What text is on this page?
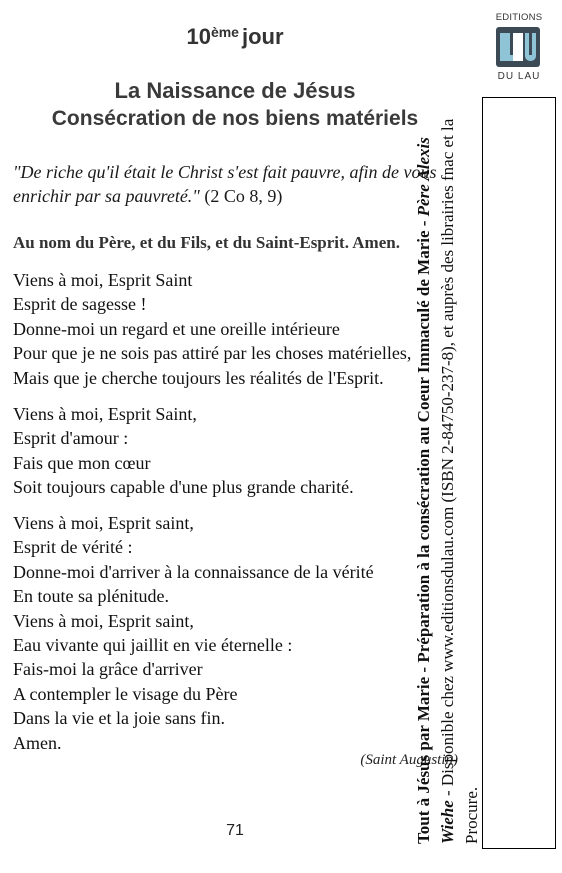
10ème jour
La Naissance de Jésus
Consécration de nos biens matériels
"De riche qu'il était le Christ s'est fait pauvre, afin de vous enrichir par sa pauvreté." (2 Co 8, 9)
Au nom du Père, et du Fils, et du Saint-Esprit. Amen.
Viens à moi, Esprit Saint
Esprit de sagesse !
Donne-moi un regard et une oreille intérieure
Pour que je ne sois pas attiré par les choses matérielles,
Mais que je cherche toujours les réalités de l'Esprit.
Viens à moi, Esprit Saint,
Esprit d'amour :
Fais que mon cœur
Soit toujours capable d'une plus grande charité.
Viens à moi, Esprit saint,
Esprit de vérité :
Donne-moi d'arriver à la connaissance de la vérité
En toute sa plénitude.
Viens à moi, Esprit saint,
Eau vivante qui jaillit en vie éternelle :
Fais-moi la grâce d'arriver
A contempler le visage du Père
Dans la vie et la joie sans fin.
Amen.
(Saint Augustin)
71
EDITIONS
DU LAU
Tout à Jésus par Marie - Préparation à la consécration au Coeur Immaculé de Marie - Père Alexis Wiehe - Disponible chez www.editionsdulau.com (ISBN 2-84750-237-8), et auprès des librairies fnac et la Procure.
